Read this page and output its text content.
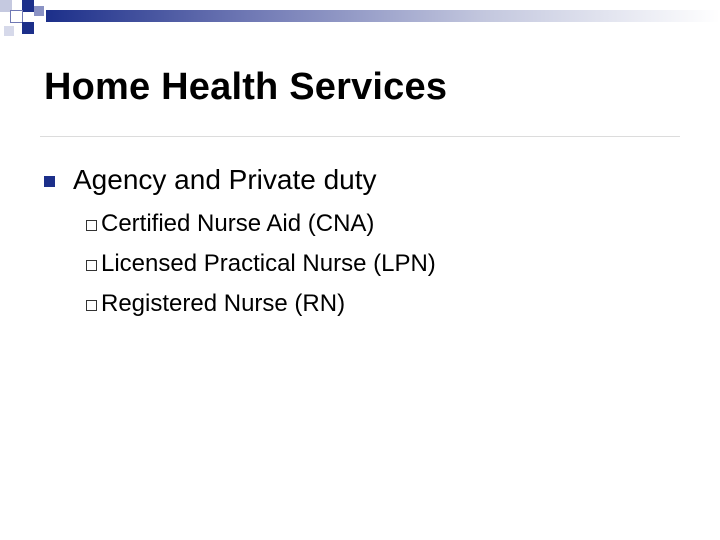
Home Health Services
Agency and Private duty
Certified Nurse Aid (CNA)
Licensed Practical Nurse (LPN)
Registered Nurse (RN)
